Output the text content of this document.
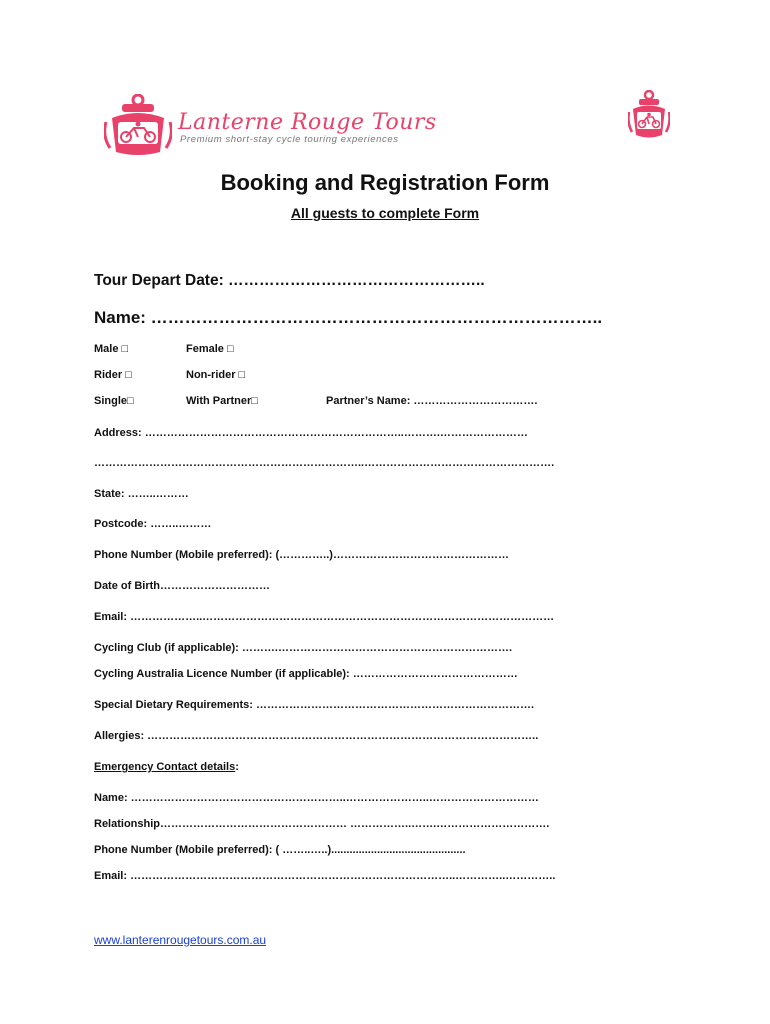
Lanterne Rouge Tours
Premium short-stay cycle touring experiences
Booking and Registration Form
All guests to complete Form
Tour Depart Date: …………………………………………..
Name: ……………………………………………………………………..
Male □	Female □
Rider □	Non-rider □
Single□	With Partner□	Partner’s Name: …………………………….
Address: ……………………………………………………………..……….……………………
………………………………………………………………..…………………………………………….
State: ……..………
Postcode: ……..………
Phone Number (Mobile preferred): (…………..)…………………………………………
Date of Birth…………………………
Email: ………………..……………………………………………………………………………………
Cycling Club (if applicable): ……….……………………………………………………….
Cycling Australia Licence Number (if applicable): ………………………………………
Special Dietary Requirements: ………………………………………………………………….
Allergies: ……………………………………………………………………………………………..
Emergency Contact details:
Name: …………………………………………………..…………………..…………………………
Relationship…………………………………………… ……………..…….………………………….
Phone Number (Mobile preferred): ( ……..…..)............................................
Email: ……………………………………………………………………………..…………..…………..
www.lanterenrougetours.com.au
